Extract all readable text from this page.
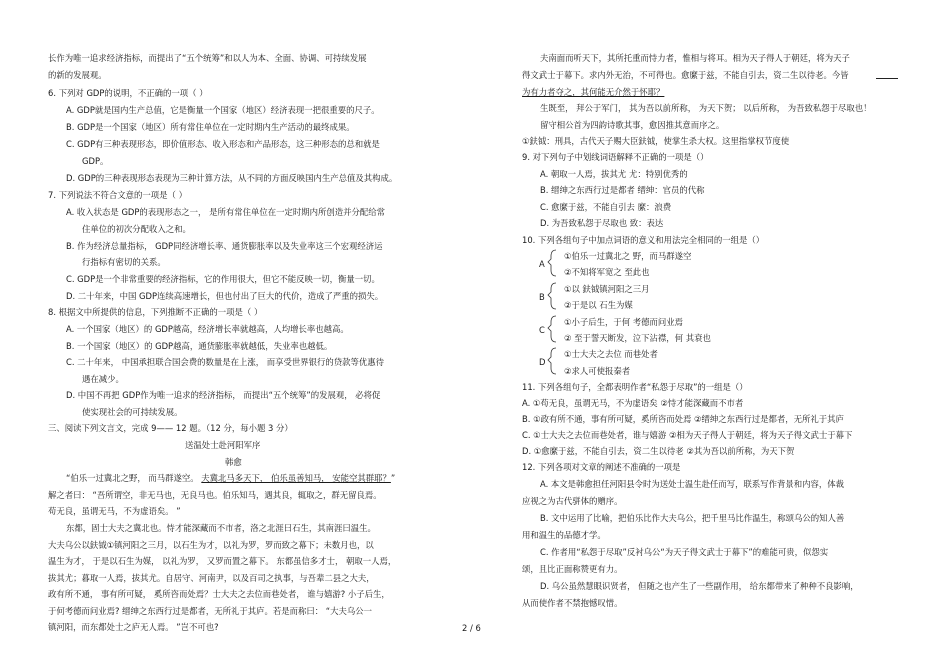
长作为唯一追求经济指标，而提出了“五个统筹”和以人为本、全面、协调、可持续发展
的新的发展观。
6. 下列对 GDP的说明，不正确的一项（ ）
A. GDP就是国内生产总值，它是衡量一个国家（地区）经济表现一把很重要的尺子。
B. GDP是一个国家（地区）所有常住单位在一定时期内生产活动的最终成果。
C. GDP有三种表现形态，即价值形态、收入形态和产品形态，这三种形态的总和就是
GDP。
D. GDP的三种表现形态表现为三种计算方法，从不同的方面反映国内生产总值及其构成。
7. 下列说法不符合文意的一项是（ ）
A. 收入状态是 GDP的表现形态之一， 是所有常住单位在一定时期内所创造并分配给常
住单位的初次分配收入之和。
B. 作为经济总量指标， GDP同经济增长率、通货膨胀率以及失业率这三个宏观经济运
行指标有密切的关系。
C. GDP是一个非常重要的经济指标，它的作用很大，但它不能反映一切，衡量一切。
D. 二十年来，中国 GDP连续高速增长，但也付出了巨大的代价，造成了严重的损失。
8. 根据文中所提供的信息，下列推断不正确的一项是（ ）
A. 一个国家（地区）的 GDP越高，经济增长率就越高，人均增长率也越高。
B. 一个国家（地区）的 GDP越高，通货膨胀率就越低，失业率也越低。
C. 二十年来， 中国承担联合国会费的数量是在上涨， 而享受世界银行的贷款等优惠待
遇在减少。
D. 中国不再把 GDP作为唯一追求的经济指标， 而提出“五个统筹”的发展观， 必将促
使实现社会的可持续发展。
三、阅读下列文言文，完成 9—— 12 题。（12 分，每小题 3 分）
送温处士赴河阳军序
韩愈
“伯乐一过冀北之野， 而马群遂空。 夫冀北马多天下， 伯乐虽善知马， 安能空其群耶？”
解之者曰： “吾所谓空，非无马也，无良马也。伯乐知马，遇其良，辄取之，群无留良焉。
苟无良，虽谓无马，不为虚语矣。 ”
东都，固士大夫之冀北也。恃才能深藏而不市者，洛之北涯曰石生，其南涯曰温生。
大夫乌公以鈇钺①镇河阳之三月，以石生为才，以礼为罗，罗而致之幕下；未数月也，以
温生为才， 于是以石生为媒， 以礼为罗， 又罗而置之幕下。 东都虽信多才士， 朝取一人焉，
拔其尤；暮取一人焉，拔其尤。自居守、河南尹，以及百司之执事，与吾辈二县之大夫，
政有所不通， 事有所可疑， 奚所咨而处焉？士大夫之去位而巷处者， 谁与嬉游? 小子后生，
于何考德而问业焉? 缙绅之东西行过是都者，无所礼于其庐。若是而称曰： “大夫乌公一
镇河阳，而东都处士之庐无人焉。 ”岂不可也?
夫南面而听天下，其所托重而恃力者，惟相与将耳。相为天子得人于朝廷，将为天子
得文武士于幕下。求内外无治，不可得也。愈縻于兹，不能自引去，资二生以待老。今皆
为有力者夺之，其何能无介然于怀耶？
生既至， 拜公于军门， 其为吾以前所称， 为天下贺； 以后所称， 为吾致私怨于尽取也！
留守相公首为四韵诗歌其事，愈因推其意而序之。
①鈇钺：刑具，古代天子赐大臣鈇钺，使掌生杀大权。这里指掌权节度使
9. 对下列句子中划线词语解释不正确的一项是（）
A. 朝取一人焉，拔其尤 尤：特别优秀的
B. 缙绅之东西行过是都者 缙绅：官员的代称
C. 愈縻于兹，不能自引去 縻：浪费
D. 为吾致私怨于尽取也 致：表达
10. 下列各组句子中加点词语的意义和用法完全相同的一组是（）
①伯乐一过冀北之 野，而马群遂空
②不知将军宽之 至此也
①以 鈇钺镇河阳之三月
②于是以 石生为媒
①小子后生，于何 考德而问业焉
② 至于誓天断发，泣下沾襟，何 其衰也
①士大夫之去位 而巷处者
②求人可使报秦者
11. 下列各组句子，全都表明作者“私怨于尽取”的一组是（）
A. ①苟无良，虽谓无马，不为虚语矣 ②恃才能深藏而不市者
B. ①政有所不通，事有所可疑，奚所咨而处焉 ②缙绅之东西行过是都者，无所礼于其庐
C. ①士大夫之去位而巷处者，谁与嬉游 ②相为天子得人于朝廷，将为天子得文武士于幕下
D. ①愈縻于兹，不能自引去，资二生以待老 ②其为吾以前所称，为天下贺
12. 下列各项对文章的阐述不准确的一项是
A. 本文是韩愈担任河阳县令时为送处士温生赴任而写，联系写作背景和内容，体裁
应视之为古代骈体的赠序。
B. 文中运用了比喻，把伯乐比作大夫乌公，把千里马比作温生，称颂乌公的知人善
用和温生的品德才学。
C. 作者用“私怨于尽取”反衬乌公“为天子得文武士于幕下”的难能可贵，似怨实
颂，且比正面称赞更有力。
D. 乌公虽然慧眼识贤者， 但随之也产生了一些副作用， 给东都带来了种种不良影响，
从而使作者不禁抱憾叹惜。
A
B
C
D
2 / 6
